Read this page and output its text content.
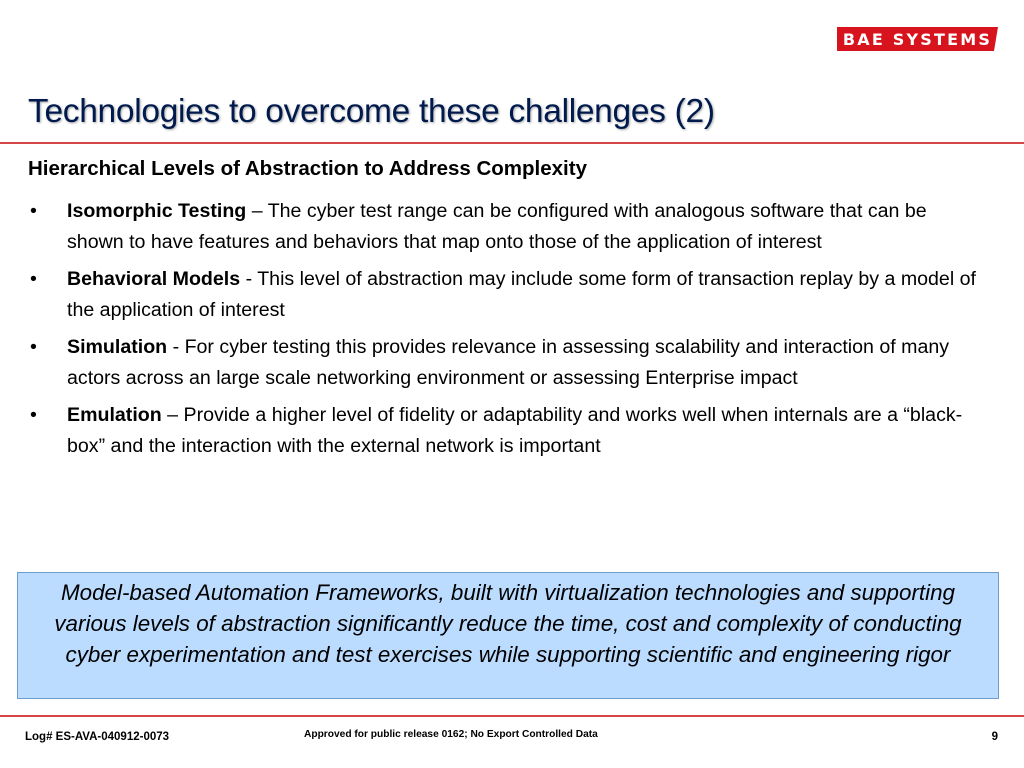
BAE SYSTEMS
Technologies to overcome these challenges (2)
Hierarchical Levels of Abstraction to Address Complexity
• Isomorphic Testing – The cyber test range can be configured with analogous software that can be shown to have features and behaviors that map onto those of the application of interest
• Behavioral Models - This level of abstraction may include some form of transaction replay by a model of the application of interest
• Simulation - For cyber testing this provides relevance in assessing scalability and interaction of many actors across an large scale networking environment or assessing Enterprise impact
• Emulation – Provide a higher level of fidelity or adaptability and works well when internals are a “black-box” and the interaction with the external network is important
Model-based Automation Frameworks, built with virtualization technologies and supporting various levels of abstraction significantly reduce the time, cost and complexity of conducting cyber experimentation and test exercises while supporting scientific and engineering rigor
Log# ES-AVA-040912-0073	Approved for public release 0162; No Export Controlled Data	9
